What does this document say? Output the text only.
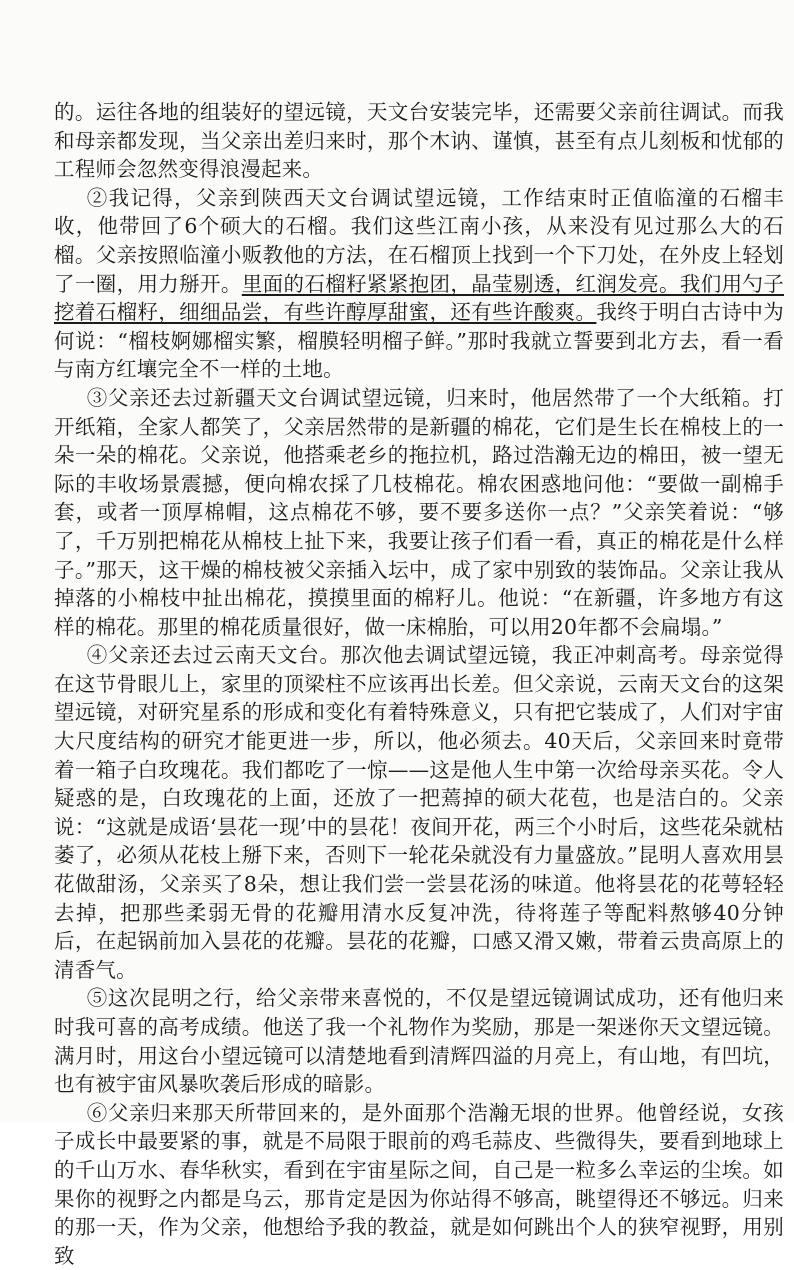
的。运往各地的组装好的望远镜，天文台安装完毕，还需要父亲前往调试。而我和母亲都发现，当父亲出差归来时，那个木讷、谨慎，甚至有点儿刻板和忧郁的工程师会忽然变得浪漫起来。

②我记得，父亲到陕西天文台调试望远镜，工作结束时正值临潼的石榴丰收，他带回了6个硕大的石榴。我们这些江南小孩，从来没有见过那么大的石榴。父亲按照临潼小贩教他的方法，在石榴顶上找到一个下刀处，在外皮上轻划了一圈，用力掰开。里面的石榴籽紧紧抱团，晶莹剔透，红润发亮。我们用勺子挖着石榴籽，细细品尝，有些许醇厚甜蜜，还有些许酸爽。我终于明白古诗中为何说：“榴枝婀娜榴实繁，榴膜轻明榴子鲜。”那时我就立誓要到北方去，看一看与南方红壤完全不一样的土地。

③父亲还去过新疆天文台调试望远镜，归来时，他居然带了一个大纸箱。打开纸箱，全家人都笑了，父亲居然带的是新疆的棉花，它们是生长在棉枝上的一朵一朵的棉花。父亲说，他搭乘老乡的拖拉机，路过浩瀚无边的棉田，被一望无际的丰收场景震撼，便向棉农採了几枝棉花。棉农困惑地问他：“要做一副棉手套，或者一顶厚棉帽，这点棉花不够，要不要多送你一点？”父亲笑着说：“够了，千万别把棉花从棉枝上扯下来，我要让孩子们看一看，真正的棉花是什么样子。”那天，这干燥的棉枝被父亲插入坛中，成了家中别致的装饰品。父亲让我从掉落的小棉枝中扯出棉花，摸摸里面的棉籽儿。他说：“在新疆，许多地方有这样的棉花。那里的棉花质量很好，做一床棉胎，可以用20年都不会扁塌。”

④父亲还去过云南天文台。那次他去调试望远镜，我正冲刺高考。母亲觉得在这节骨眼儿上，家里的顶梁柱不应该再出长差。但父亲说，云南天文台的这架望远镜，对研究星系的形成和变化有着特殊意义，只有把它装成了，人们对宇宙大尺度结构的研究才能更进一步，所以，他必须去。40天后，父亲回来时竟带着一箱子白玫瑰花。我们都吃了一惊——这是他人生中第一次给母亲买花。令人疑惑的是，白玫瑰花的上面，还放了一把蔫掉的硕大花苞，也是洁白的。父亲说：“这就是成语‘昙花一现’中的昙花！夜间开花，两三个小时后，这些花朵就枯萎了，必须从花枝上掰下来，否则下一轮花朵就没有力量盛放。”昆明人喜欢用昙花做甜汤，父亲买了8朵，想让我们尝一尝昙花汤的味道。他将昙花的花萼轻轻去掉，把那些柔弱无骨的花瓣用清水反复冲洗，待将莲子等配料熬够40分钟后，在起锅前加入昙花的花瓣。昙花的花瓣，口感又滑又嫩，带着云贵高原上的清香气。

⑤这次昆明之行，给父亲带来喜悦的，不仅是望远镜调试成功，还有他归来时我可喜的高考成绩。他送了我一个礼物作为奖励，那是一架迷你天文望远镜。满月时，用这台小望远镜可以清楚地看到清辉四溢的月亮上，有山地，有凹坑，也有被宇宙风暴吹袭后形成的暗影。

⑥父亲归来那天所带回来的，是外面那个浩瀚无垠的世界。他曾经说，女孩子成长中最要紧的事，就是不局限于眼前的鸡毛蒜皮、些微得失，要看到地球上的千山万水、春华秋实，看到在宇宙星际之间，自己是一粒多么幸运的尘埃。如果你的视野之内都是乌云，那肯定是因为你站得不够高，眺望得还不够远。归来的那一天，作为父亲，他想给予我的教益，就是如何跳出个人的狭窄视野，用别致
